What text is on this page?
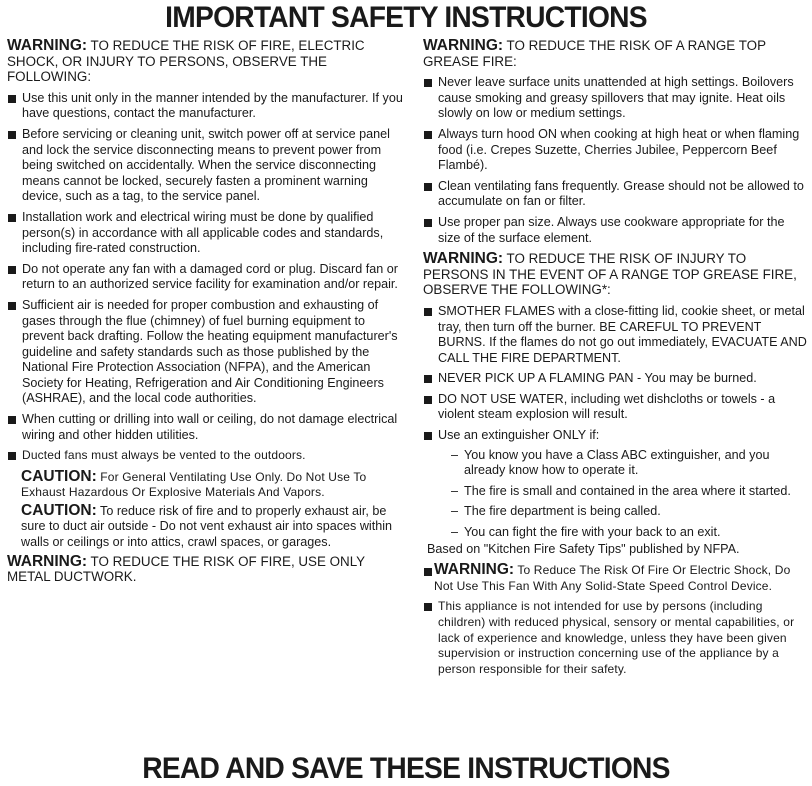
IMPORTANT SAFETY INSTRUCTIONS

WARNING: TO REDUCE THE RISK OF FIRE, ELECTRIC SHOCK, OR INJURY TO PERSONS, OBSERVE THE FOLLOWING:

Use this unit only in the manner intended by the manufacturer. If you have questions, contact the manufacturer.
Before servicing or cleaning unit, switch power off at service panel and lock the service disconnecting means to prevent power from being switched on accidentally. When the service disconnecting means cannot be locked, securely fasten a prominent warning device, such as a tag, to the service panel.
Installation work and electrical wiring must be done by qualified person(s) in accordance with all applicable codes and standards, including fire-rated construction.
Do not operate any fan with a damaged cord or plug. Discard fan or return to an authorized service facility for examination and/or repair.
Sufficient air is needed for proper combustion and exhausting of gases through the flue (chimney) of fuel burning equipment to prevent back drafting. Follow the heating equipment manufacturer's guideline and safety standards such as those published by the National Fire Protection Association (NFPA), and the American Society for Heating, Refrigeration and Air Conditioning Engineers (ASHRAE), and the local code authorities.
When cutting or drilling into wall or ceiling, do not damage electrical wiring and other hidden utilities.
Ducted fans must always be vented to the outdoors.

CAUTION: For General Ventilating Use Only. Do Not Use To Exhaust Hazardous Or Explosive Materials And Vapors.

CAUTION: To reduce risk of fire and to properly exhaust air, be sure to duct air outside - Do not vent exhaust air into spaces within walls or ceilings or into attics, crawl spaces, or garages.

WARNING: TO REDUCE THE RISK OF FIRE, USE ONLY METAL DUCTWORK.

WARNING: TO REDUCE THE RISK OF A RANGE TOP GREASE FIRE:

Never leave surface units unattended at high settings. Boilovers cause smoking and greasy spillovers that may ignite. Heat oils slowly on low or medium settings.
Always turn hood ON when cooking at high heat or when flaming food (i.e. Crepes Suzette, Cherries Jubilee, Peppercorn Beef Flambé).
Clean ventilating fans frequently. Grease should not be allowed to accumulate on fan or filter.
Use proper pan size. Always use cookware appropriate for the size of the surface element.

WARNING: TO REDUCE THE RISK OF INJURY TO PERSONS IN THE EVENT OF A RANGE TOP GREASE FIRE, OBSERVE THE FOLLOWING*:

SMOTHER FLAMES with a close-fitting lid, cookie sheet, or metal tray, then turn off the burner. BE CAREFUL TO PREVENT BURNS. If the flames do not go out immediately, EVACUATE AND CALL THE FIRE DEPARTMENT.
NEVER PICK UP A FLAMING PAN - You may be burned.
DO NOT USE WATER, including wet dishcloths or towels - a violent steam explosion will result.
Use an extinguisher ONLY if:
– You know you have a Class ABC extinguisher, and you already know how to operate it.
– The fire is small and contained in the area where it started.
– The fire department is being called.
– You can fight the fire with your back to an exit.

Based on "Kitchen Fire Safety Tips" published by NFPA.

WARNING: To Reduce The Risk Of Fire Or Electric Shock, Do Not Use This Fan With Any Solid-State Speed Control Device.
This appliance is not intended for use by persons (including children) with reduced physical, sensory or mental capabilities, or lack of experience and knowledge, unless they have been given supervision or instruction concerning use of the appliance by a person responsible for their safety.
READ AND SAVE THESE INSTRUCTIONS
